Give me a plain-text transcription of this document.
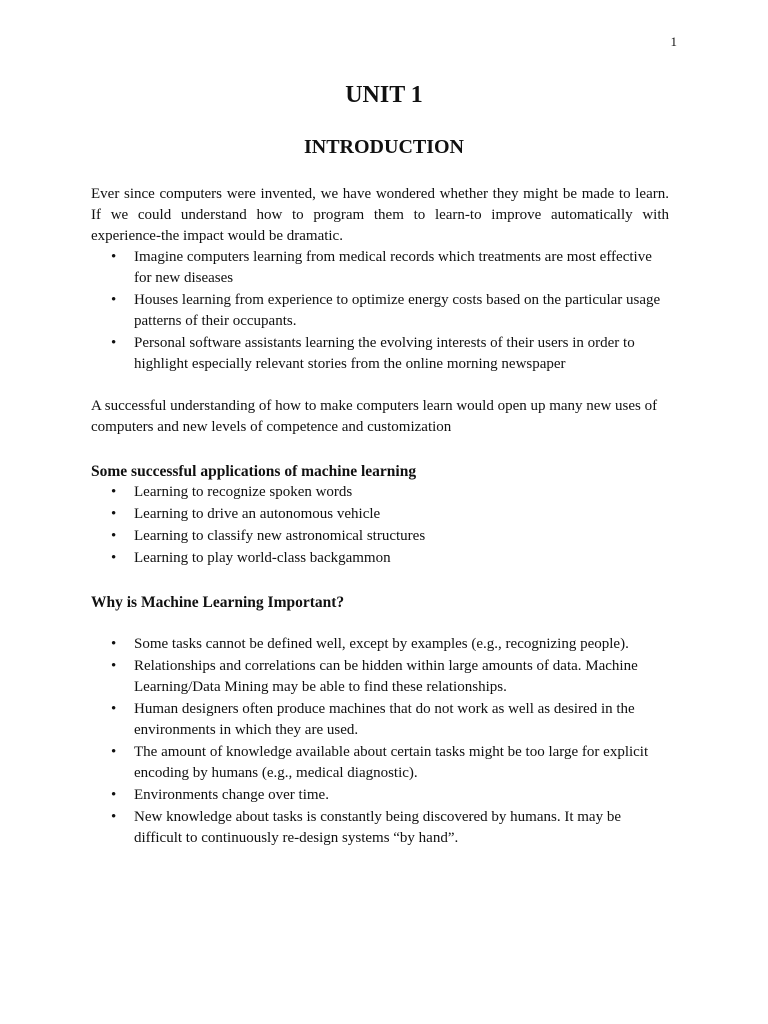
1
UNIT 1
INTRODUCTION

Ever since computers were invented, we have wondered whether they might be made to learn. If we could understand how to program them to learn-to improve automatically with experience-the impact would be dramatic.

• Imagine computers learning from medical records which treatments are most effective for new diseases
• Houses learning from experience to optimize energy costs based on the particular usage patterns of their occupants.
• Personal software assistants learning the evolving interests of their users in order to highlight especially relevant stories from the online morning newspaper

A successful understanding of how to make computers learn would open up many new uses of computers and new levels of competence and customization

Some successful applications of machine learning

• Learning to recognize spoken words
• Learning to drive an autonomous vehicle
• Learning to classify new astronomical structures
• Learning to play world-class backgammon

Why is Machine Learning Important?

• Some tasks cannot be defined well, except by examples (e.g., recognizing people).
• Relationships and correlations can be hidden within large amounts of data. Machine Learning/Data Mining may be able to find these relationships.
• Human designers often produce machines that do not work as well as desired in the environments in which they are used.
• The amount of knowledge available about certain tasks might be too large for explicit encoding by humans (e.g., medical diagnostic).
• Environments change over time.
• New knowledge about tasks is constantly being discovered by humans. It may be difficult to continuously re-design systems “by hand”.
